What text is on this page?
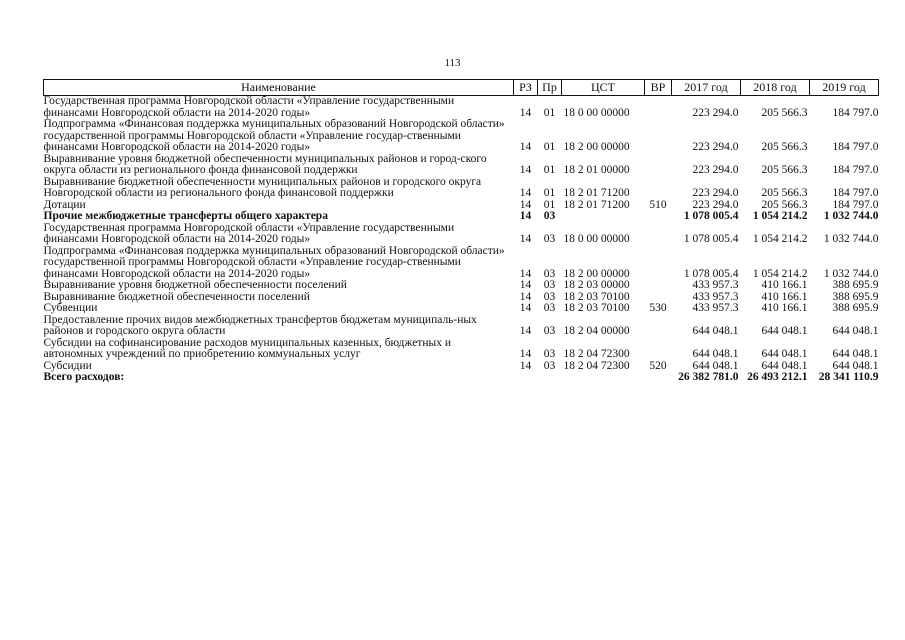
113
Наименование	РЗ	Пр	ЦСТ	ВР	2017 год	2018 год	2019 год
Государственная программа Новгородской области «Управление государственными финансами Новгородской области на 2014-2020 годы»	14	01	18 0 00 00000		223 294.0	205 566.3	184 797.0
Подпрограмма «Финансовая поддержка муниципальных образований Новгородской области» государственной программы Новгородской области «Управление государ-ственными финансами Новгородской области на 2014-2020 годы»	14	01	18 2 00 00000		223 294.0	205 566.3	184 797.0
Выравнивание уровня бюджетной обеспеченности муниципальных районов и город-ского округа области из регионального фонда финансовой поддержки	14	01	18 2 01 00000		223 294.0	205 566.3	184 797.0
Выравнивание бюджетной обеспеченности муниципальных районов и городского округа Новгородской области из регионального фонда финансовой поддержки	14	01	18 2 01 71200		223 294.0	205 566.3	184 797.0
Дотации	14	01	18 2 01 71200	510	223 294.0	205 566.3	184 797.0
Прочие межбюджетные трансферты общего характера	14	03			1 078 005.4	1 054 214.2	1 032 744.0
Государственная программа Новгородской области «Управление государственными финансами Новгородской области на 2014-2020 годы»	14	03	18 0 00 00000		1 078 005.4	1 054 214.2	1 032 744.0
Подпрограмма «Финансовая поддержка муниципальных образований Новгородской области» государственной программы Новгородской области «Управление государ-ственными финансами Новгородской области на 2014-2020 годы»	14	03	18 2 00 00000		1 078 005.4	1 054 214.2	1 032 744.0
Выравнивание уровня бюджетной обеспеченности поселений	14	03	18 2 03 00000		433 957.3	410 166.1	388 695.9
Выравнивание бюджетной обеспеченности поселений	14	03	18 2 03 70100		433 957.3	410 166.1	388 695.9
Субвенции	14	03	18 2 03 70100	530	433 957.3	410 166.1	388 695.9
Предоставление прочих видов межбюджетных трансфертов бюджетам муниципаль-ных районов и городского округа области	14	03	18 2 04 00000		644 048.1	644 048.1	644 048.1
Субсидии на софинансирование расходов муниципальных казенных, бюджетных и автономных учреждений по приобретению коммунальных услуг	14	03	18 2 04 72300		644 048.1	644 048.1	644 048.1
Субсидии	14	03	18 2 04 72300	520	644 048.1	644 048.1	644 048.1
Всего расходов:					26 382 781.0	26 493 212.1	28 341 110.9
